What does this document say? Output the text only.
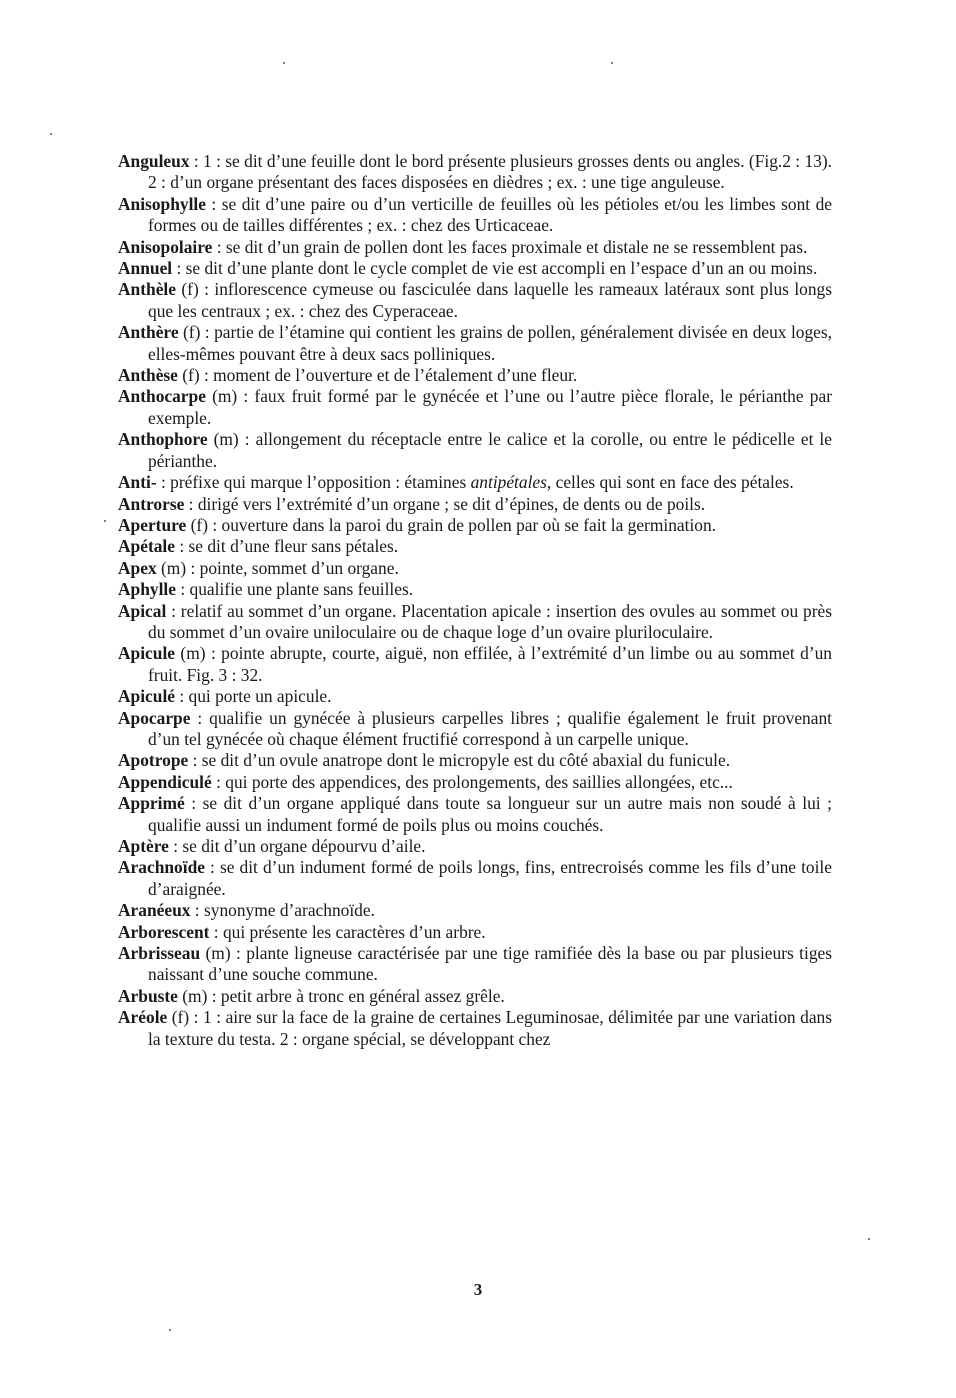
Anguleux : 1 : se dit d’une feuille dont le bord présente plusieurs grosses dents ou angles. (Fig.2 : 13). 2 : d’un organe présentant des faces disposées en dièdres ; ex. : une tige anguleuse.

Anisophylle : se dit d’une paire ou d’un verticille de feuilles où les pétioles et/ou les limbes sont de formes ou de tailles différentes ; ex. : chez des Urticaceae.

Anisopolaire : se dit d’un grain de pollen dont les faces proximale et distale ne se ressemblent pas.

Annuel : se dit d’une plante dont le cycle complet de vie est accompli en l’espace d’un an ou moins.

Anthèle (f) : inflorescence cymeuse ou fasciculée dans laquelle les rameaux latéraux sont plus longs que les centraux ; ex. : chez des Cyperaceae.

Anthère (f) : partie de l’étamine qui contient les grains de pollen, généralement divisée en deux loges, elles-mêmes pouvant être à deux sacs polliniques.

Anthèse (f) : moment de l’ouverture et de l’étalement d’une fleur.

Anthocarpe (m) : faux fruit formé par le gynécée et l’une ou l’autre pièce florale, le périanthe par exemple.

Anthophore (m) : allongement du réceptacle entre le calice et la corolle, ou entre le pédicelle et le périanthe.

Anti- : préfixe qui marque l’opposition : étamines antipétales, celles qui sont en face des pétales.

Antrorse : dirigé vers l’extrémité d’un organe ; se dit d’épines, de dents ou de poils.

Aperture (f) : ouverture dans la paroi du grain de pollen par où se fait la germination.

Apétale : se dit d’une fleur sans pétales.

Apex (m) : pointe, sommet d’un organe.

Aphylle : qualifie une plante sans feuilles.

Apical : relatif au sommet d’un organe. Placentation apicale : insertion des ovules au sommet ou près du sommet d’un ovaire uniloculaire ou de chaque loge d’un ovaire pluriloculaire.

Apicule (m) : pointe abrupte, courte, aiguë, non effilée, à l’extrémité d’un limbe ou au sommet d’un fruit. Fig. 3 : 32.

Apiculé : qui porte un apicule.

Apocarpe : qualifie un gynécée à plusieurs carpelles libres ; qualifie également le fruit provenant d’un tel gynécée où chaque élément fructifié correspond à un carpelle unique.

Apotrope : se dit d’un ovule anatrope dont le micropyle est du côté abaxial du funicule.

Appendiculé : qui porte des appendices, des prolongements, des saillies allongées, etc...

Apprimé : se dit d’un organe appliqué dans toute sa longueur sur un autre mais non soudé à lui ; qualifie aussi un indument formé de poils plus ou moins couchés.

Aptère : se dit d’un organe dépourvu d’aile.

Arachnoïde : se dit d’un indument formé de poils longs, fins, entrecroisés comme les fils d’une toile d’araignée.

Aranéeux : synonyme d’arachnoïde.

Arborescent : qui présente les caractères d’un arbre.

Arbrisseau (m) : plante ligneuse caractérisée par une tige ramifiée dès la base ou par plusieurs tiges naissant d’une souche commune.

Arbuste (m) : petit arbre à tronc en général assez grêle.

Aréole (f) : 1 : aire sur la face de la graine de certaines Leguminosae, délimitée par une variation dans la texture du testa. 2 : organe spécial, se développant chez

3
